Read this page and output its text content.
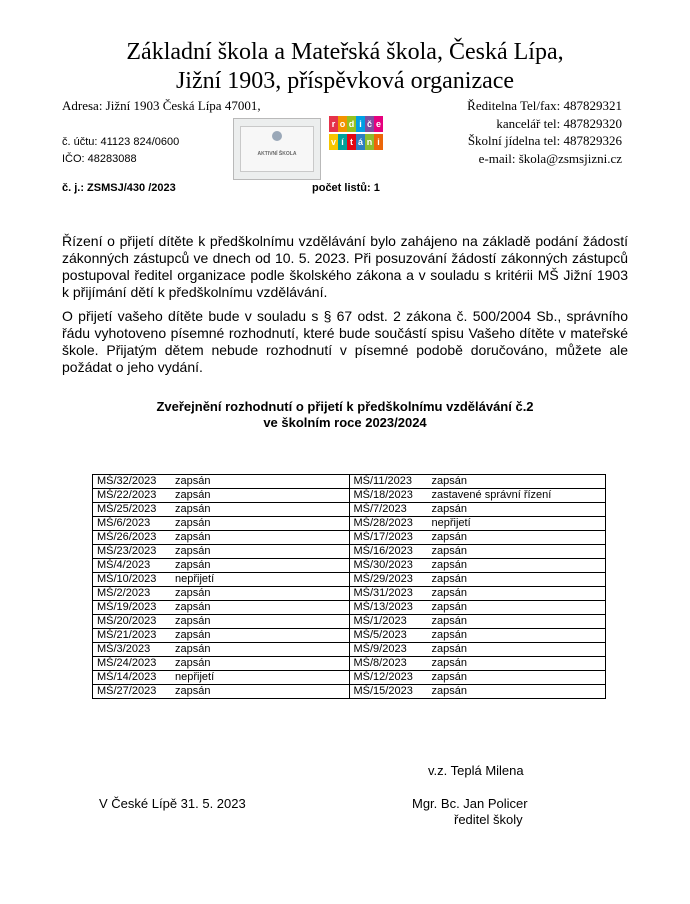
Základní škola a Mateřská škola, Česká Lípa,
Jižní 1903, příspěvková organizace
Adresa: Jižní 1903 Česká Lípa 47001,
č. účtu: 41123 824/0600
IČO: 48283088	AKTIVNÍ ŠKOLA
r o d i č e
v í t á n i
Ředitelna Tel/fax: 487829321
kancelář tel: 487829320
Školní jídelna tel: 487829326
e-mail: škola@zsmsjizni.cz
č. j.: ZSMSJ/430 /2023	počet listů: 1
Řízení o přijetí dítěte k předškolnímu vzdělávání bylo zahájeno na základě podání žádostí zákonných zástupců ve dnech od 10. 5. 2023. Při posuzování žádostí zákonných zástupců postupoval ředitel organizace podle školského zákona a v souladu s kritérii MŠ Jižní 1903 k přijímání dětí k předškolnímu vzdělávání.
O přijetí vašeho dítěte bude v souladu s § 67 odst. 2 zákona č. 500/2004 Sb., správního řádu vyhotoveno písemné rozhodnutí, které bude součástí spisu Vašeho dítěte v mateřské škole. Přijatým dětem nebude rozhodnutí v písemné podobě doručováno, můžete ale požádat o jeho vydání.
Zveřejnění rozhodnutí o přijetí k předškolnímu vzdělávání č.2
ve školním roce 2023/2024
MŠ/32/2023 zapsán	MŠ/11/2023 zapsán
MŠ/22/2023 zapsán	MŠ/18/2023 zastavené správní řízení
MŠ/25/2023 zapsán	MŠ/7/2023 zapsán
MŠ/6/2023 zapsán	MŠ/28/2023 nepřijetí
MŠ/26/2023 zapsán	MŠ/17/2023 zapsán
MŠ/23/2023 zapsán	MŠ/16/2023 zapsán
MŠ/4/2023 zapsán	MŠ/30/2023 zapsán
MŠ/10/2023 nepřijetí	MŠ/29/2023 zapsán
MŠ/2/2023 zapsán	MŠ/31/2023 zapsán
MŠ/19/2023 zapsán	MŠ/13/2023 zapsán
MŠ/20/2023 zapsán	MŠ/1/2023 zapsán
MŠ/21/2023 zapsán	MŠ/5/2023 zapsán
MŠ/3/2023 zapsán	MŠ/9/2023 zapsán
MŠ/24/2023 zapsán	MŠ/8/2023 zapsán
MŠ/14/2023 nepřijetí	MŠ/12/2023 zapsán
MŠ/27/2023 zapsán	MŠ/15/2023 zapsán
v.z. Teplá Milena
V České Lípě 31. 5. 2023	Mgr. Bc. Jan Policer
ředitel školy
